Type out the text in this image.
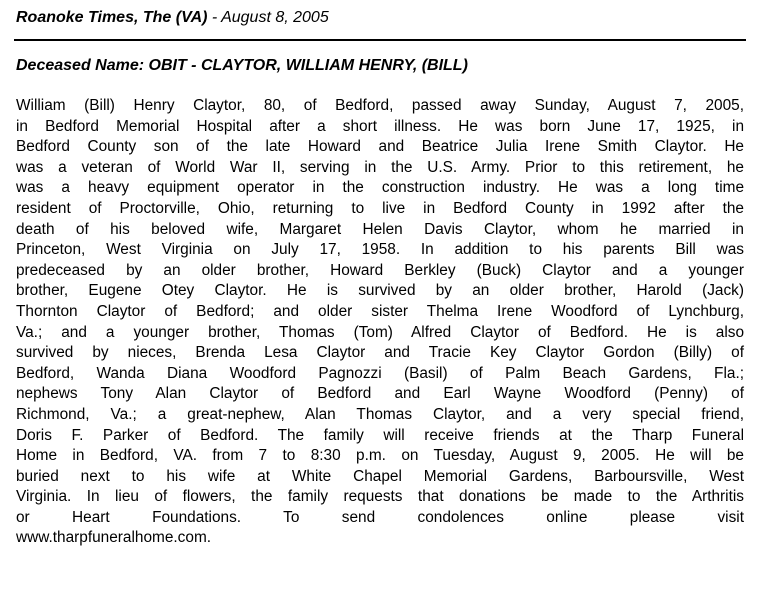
Roanoke Times, The (VA) - August 8, 2005
Deceased Name: OBIT - CLAYTOR, WILLIAM HENRY, (BILL)
William (Bill) Henry Claytor, 80, of Bedford, passed away Sunday, August 7, 2005,
in Bedford Memorial Hospital after a short illness. He was born June 17, 1925, in
Bedford County son of the late Howard and Beatrice Julia Irene Smith Claytor. He
was a veteran of World War II, serving in the U.S. Army. Prior to this retirement, he
was a heavy equipment operator in the construction industry. He was a long time
resident of Proctorville, Ohio, returning to live in Bedford County in 1992 after the
death of his beloved wife, Margaret Helen Davis Claytor, whom he married in
Princeton, West Virginia on July 17, 1958. In addition to his parents Bill was
predeceased by an older brother, Howard Berkley (Buck) Claytor and a younger
brother, Eugene Otey Claytor. He is survived by an older brother, Harold (Jack)
Thornton Claytor of Bedford; and older sister Thelma Irene Woodford of Lynchburg,
Va.; and a younger brother, Thomas (Tom) Alfred Claytor of Bedford. He is also
survived by nieces, Brenda Lesa Claytor and Tracie Key Claytor Gordon (Billy) of
Bedford, Wanda Diana Woodford Pagnozzi (Basil) of Palm Beach Gardens, Fla.;
nephews Tony Alan Claytor of Bedford and Earl Wayne Woodford (Penny) of
Richmond, Va.; a great-nephew, Alan Thomas Claytor, and a very special friend,
Doris F. Parker of Bedford. The family will receive friends at the Tharp Funeral
Home in Bedford, VA. from 7 to 8:30 p.m. on Tuesday, August 9, 2005. He will be
buried next to his wife at White Chapel Memorial Gardens, Barboursville, West
Virginia. In lieu of flowers, the family requests that donations be made to the Arthritis
or Heart Foundations. To send condolences online please visit
www.tharpfuneralhome.com.
